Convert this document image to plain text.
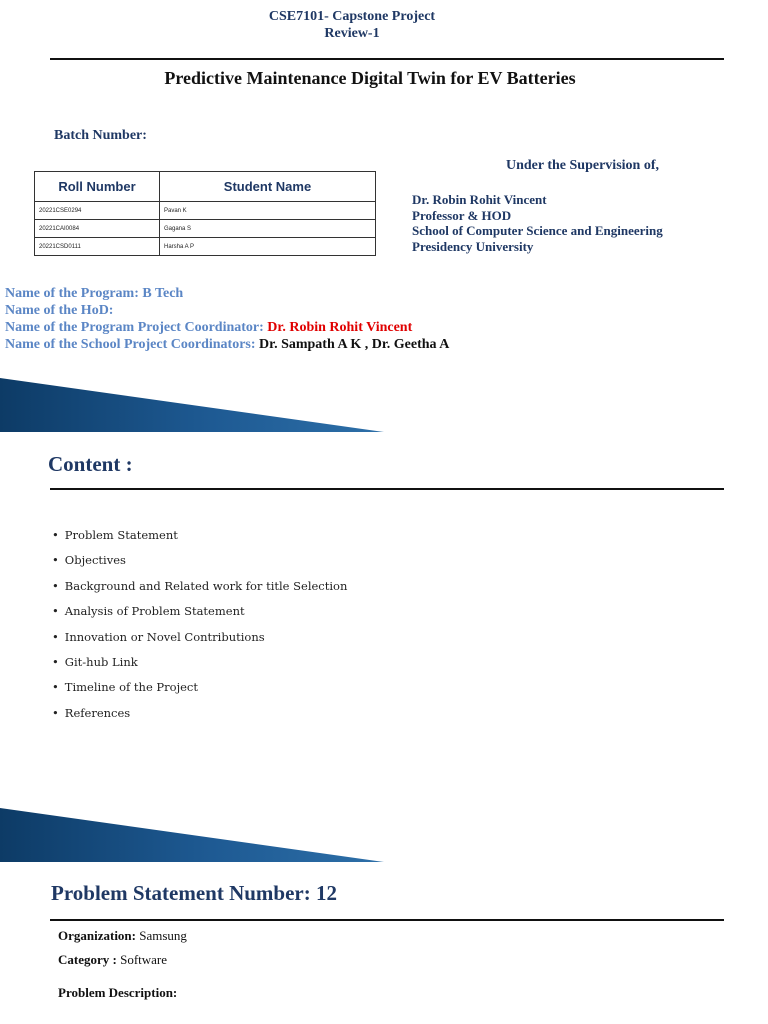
CSE7101- Capstone Project
Review-1
Predictive Maintenance Digital Twin for EV Batteries
Batch Number:
Roll Number	Student Name
20221CSE0294	Pavan K
20221CAI0084	Gagana S
20221CSD0111	Harsha A P
Under the Supervision of,
Dr. Robin Rohit Vincent
Professor & HOD
School of Computer Science and Engineering
Presidency University
Name of the Program: B Tech
Name of the HoD:
Name of the Program Project Coordinator: Dr. Robin Rohit Vincent
Name of the School Project Coordinators: Dr. Sampath A K , Dr. Geetha A
Content :
• Problem Statement
• Objectives
• Background and Related work for title Selection
• Analysis of Problem Statement
• Innovation or Novel Contributions
• Git-hub Link
• Timeline of the Project
• References
Problem Statement Number: 12
Organization: Samsung
Category : Software
Problem Description:
